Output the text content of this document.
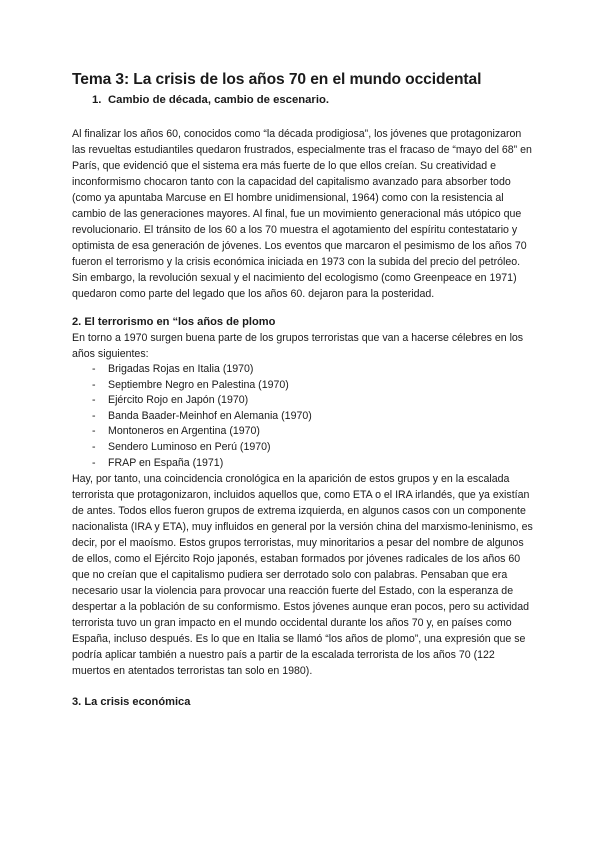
Tema 3: La crisis de los años 70 en el mundo occidental
1. Cambio de década, cambio de escenario.

Al finalizar los años 60, conocidos como “la década prodigiosa”, los jóvenes que protagonizaron las revueltas estudiantiles quedaron frustrados, especialmente tras el fracaso de “mayo del 68” en París, que evidenció que el sistema era más fuerte de lo que ellos creían. Su creatividad e inconformismo chocaron tanto con la capacidad del capitalismo avanzado para absorber todo (como ya apuntaba Marcuse en El hombre unidimensional, 1964) como con la resistencia al cambio de las generaciones mayores. Al final, fue un movimiento generacional más utópico que revolucionario. El tránsito de los 60 a los 70 muestra el agotamiento del espíritu contestatario y optimista de esa generación de jóvenes. Los eventos que marcaron el pesimismo de los años 70 fueron el terrorismo y la crisis económica iniciada en 1973 con la subida del precio del petróleo. Sin embargo, la revolución sexual y el nacimiento del ecologismo (como Greenpeace en 1971) quedaron como parte del legado que los años 60. dejaron para la posteridad.

2. El terrorismo en “los años de plomo

En torno a 1970 surgen buena parte de los grupos terroristas que van a hacerse célebres en los años siguientes:

- Brigadas Rojas en Italia (1970)
- Septiembre Negro en Palestina (1970)
- Ejército Rojo en Japón (1970)
- Banda Baader-Meinhof en Alemania (1970)
- Montoneros en Argentina (1970)
- Sendero Luminoso en Perú (1970)
- FRAP en España (1971)

Hay, por tanto, una coincidencia cronológica en la aparición de estos grupos y en la escalada terrorista que protagonizaron, incluidos aquellos que, como ETA o el IRA irlandés, que ya existían de antes. Todos ellos fueron grupos de extrema izquierda, en algunos casos con un componente nacionalista (IRA y ETA), muy influidos en general por la versión china del marxismo-leninismo, es decir, por el maoísmo. Estos grupos terroristas, muy minoritarios a pesar del nombre de algunos de ellos, como el Ejército Rojo japonés, estaban formados por jóvenes radicales de los años 60 que no creían que el capitalismo pudiera ser derrotado solo con palabras. Pensaban que era necesario usar la violencia para provocar una reacción fuerte del Estado, con la esperanza de despertar a la población de su conformismo. Estos jóvenes aunque eran pocos, pero su actividad terrorista tuvo un gran impacto en el mundo occidental durante los años 70 y, en países como España, incluso después. Es lo que en Italia se llamó “los años de plomo”, una expresión que se podría aplicar también a nuestro país a partir de la escalada terrorista de los años 70 (122 muertos en atentados terroristas tan solo en 1980).

3. La crisis económica
